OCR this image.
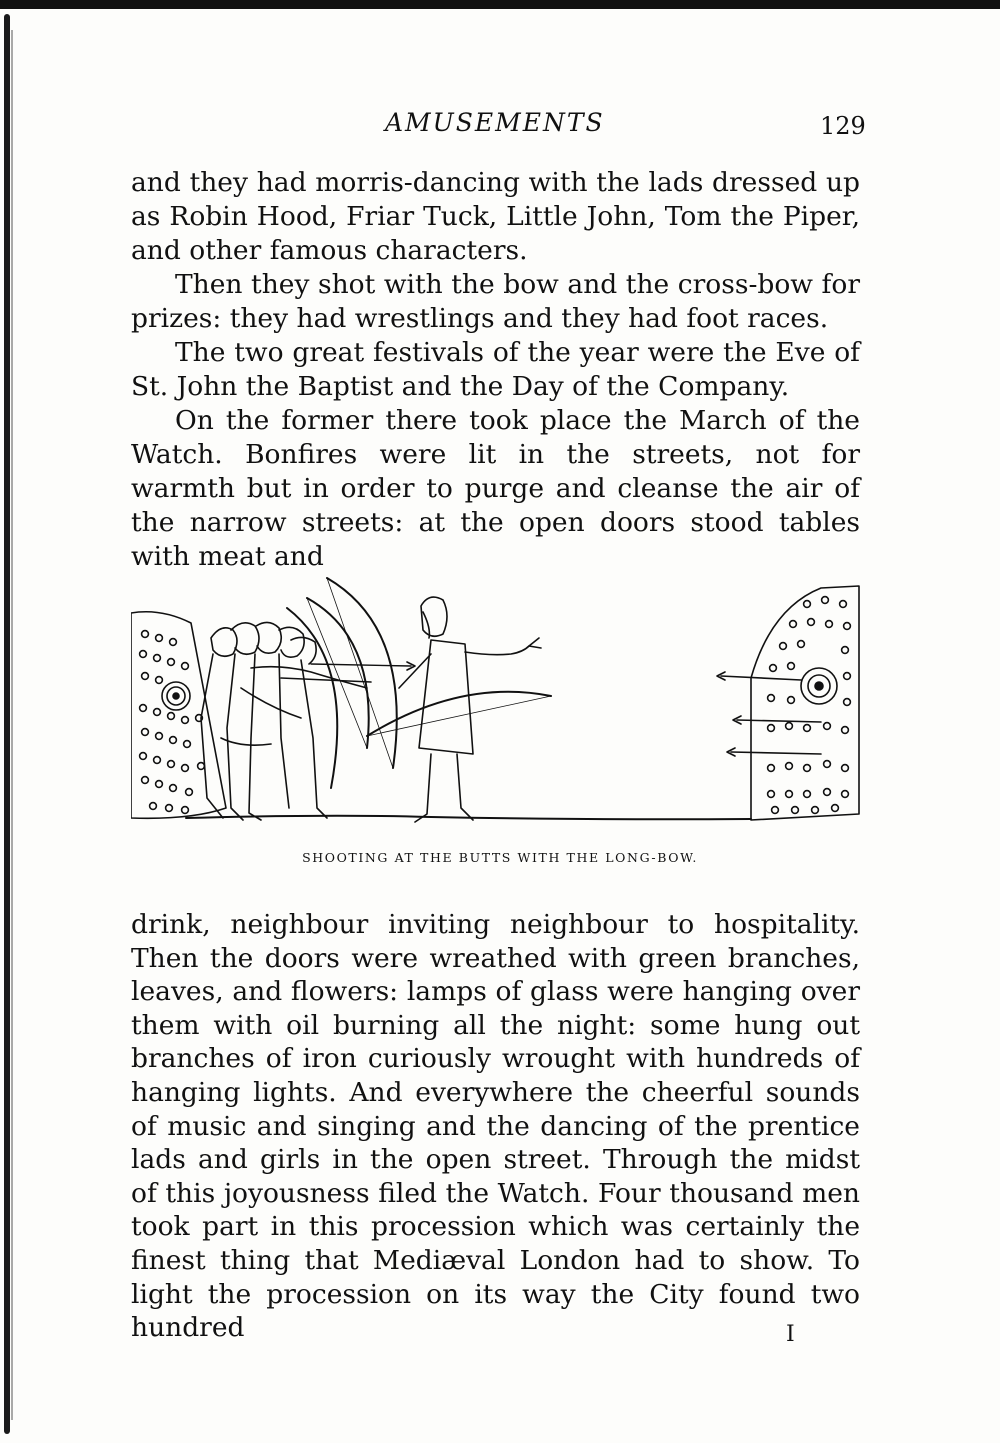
AMUSEMENTS	129

and they had morris-dancing with the lads dressed up as Robin Hood, Friar Tuck, Little John, Tom the Piper, and other famous characters.

Then they shot with the bow and the cross-bow for prizes: they had wrestlings and they had foot races.

The two great festivals of the year were the Eve of St. John the Baptist and the Day of the Company.

On the former there took place the March of the Watch. Bonfires were lit in the streets, not for warmth but in order to purge and cleanse the air of the narrow streets: at the open doors stood tables with meat and

SHOOTING AT THE BUTTS WITH THE LONG-BOW.

drink, neighbour inviting neighbour to hospitality. Then the doors were wreathed with green branches, leaves, and flowers: lamps of glass were hanging over them with oil burning all the night: some hung out branches of iron curiously wrought with hundreds of hanging lights. And everywhere the cheerful sounds of music and singing and the dancing of the prentice lads and girls in the open street. Through the midst of this joyousness filed the Watch. Four thousand men took part in this procession which was certainly the finest thing that Mediæval London had to show. To light the procession on its way the City found two hundred	I
